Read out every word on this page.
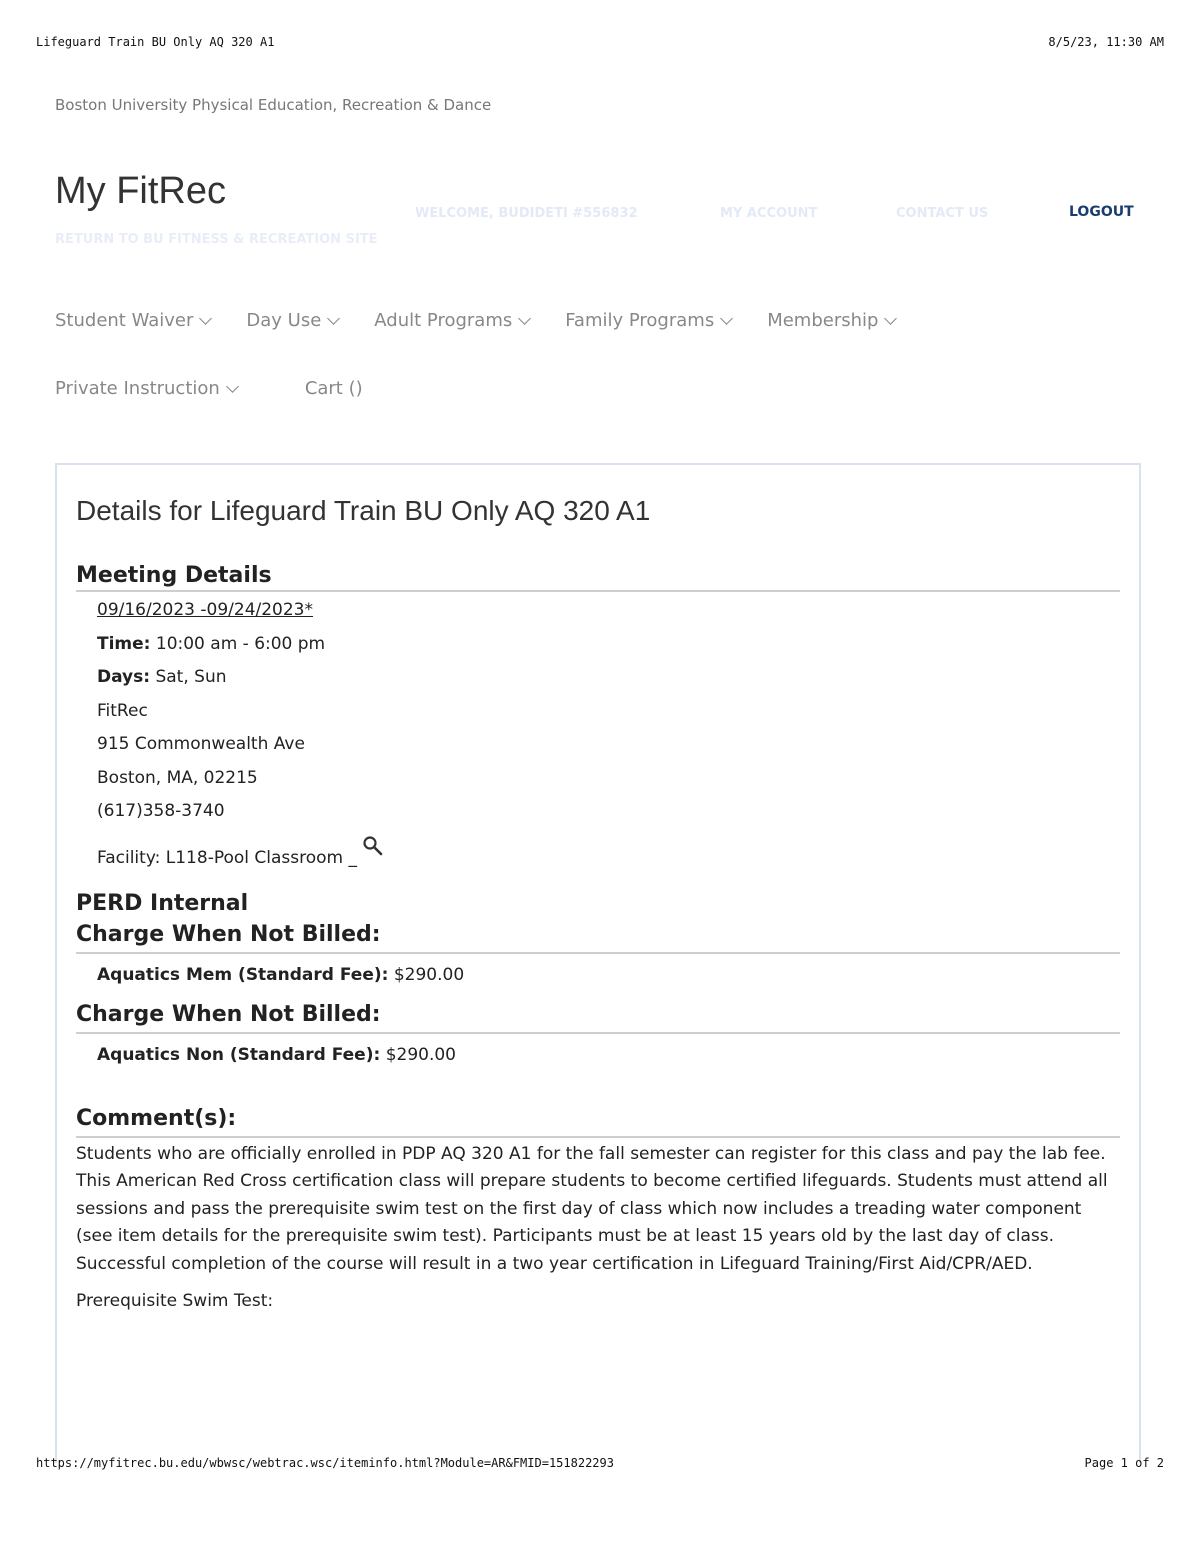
Lifeguard Train BU Only AQ 320 A1	8/5/23, 11:30 AM
Boston University Physical Education, Recreation & Dance
My FitRec
RETURN TO BU FITNESS & RECREATION SITE
WELCOME, BUDIDETI #556832	MY ACCOUNT	CONTACT US	LOGOUT
Student Waiver	Day Use	Adult Programs	Family Programs	Membership
Private Instruction	Cart ()
Details for Lifeguard Train BU Only AQ 320 A1
Meeting Details
09/16/2023 -09/24/2023*
Time: 10:00 am - 6:00 pm
Days: Sat, Sun
FitRec
915 Commonwealth Ave
Boston, MA, 02215
(617)358-3740
Facility: L118-Pool Classroom _
PERD Internal
Charge When Not Billed:
Aquatics Mem (Standard Fee): $290.00
Charge When Not Billed:
Aquatics Non (Standard Fee): $290.00
Comment(s):
Students who are officially enrolled in PDP AQ 320 A1 for the fall semester can register for this class and pay the lab fee.
This American Red Cross certification class will prepare students to become certified lifeguards. Students must attend all sessions and pass the prerequisite swim test on the first day of class which now includes a treading water component (see item details for the prerequisite swim test). Participants must be at least 15 years old by the last day of class. Successful completion of the course will result in a two year certification in Lifeguard Training/First Aid/CPR/AED.
Prerequisite Swim Test:
https://myfitrec.bu.edu/wbwsc/webtrac.wsc/iteminfo.html?Module=AR&FMID=151822293	Page 1 of 2
